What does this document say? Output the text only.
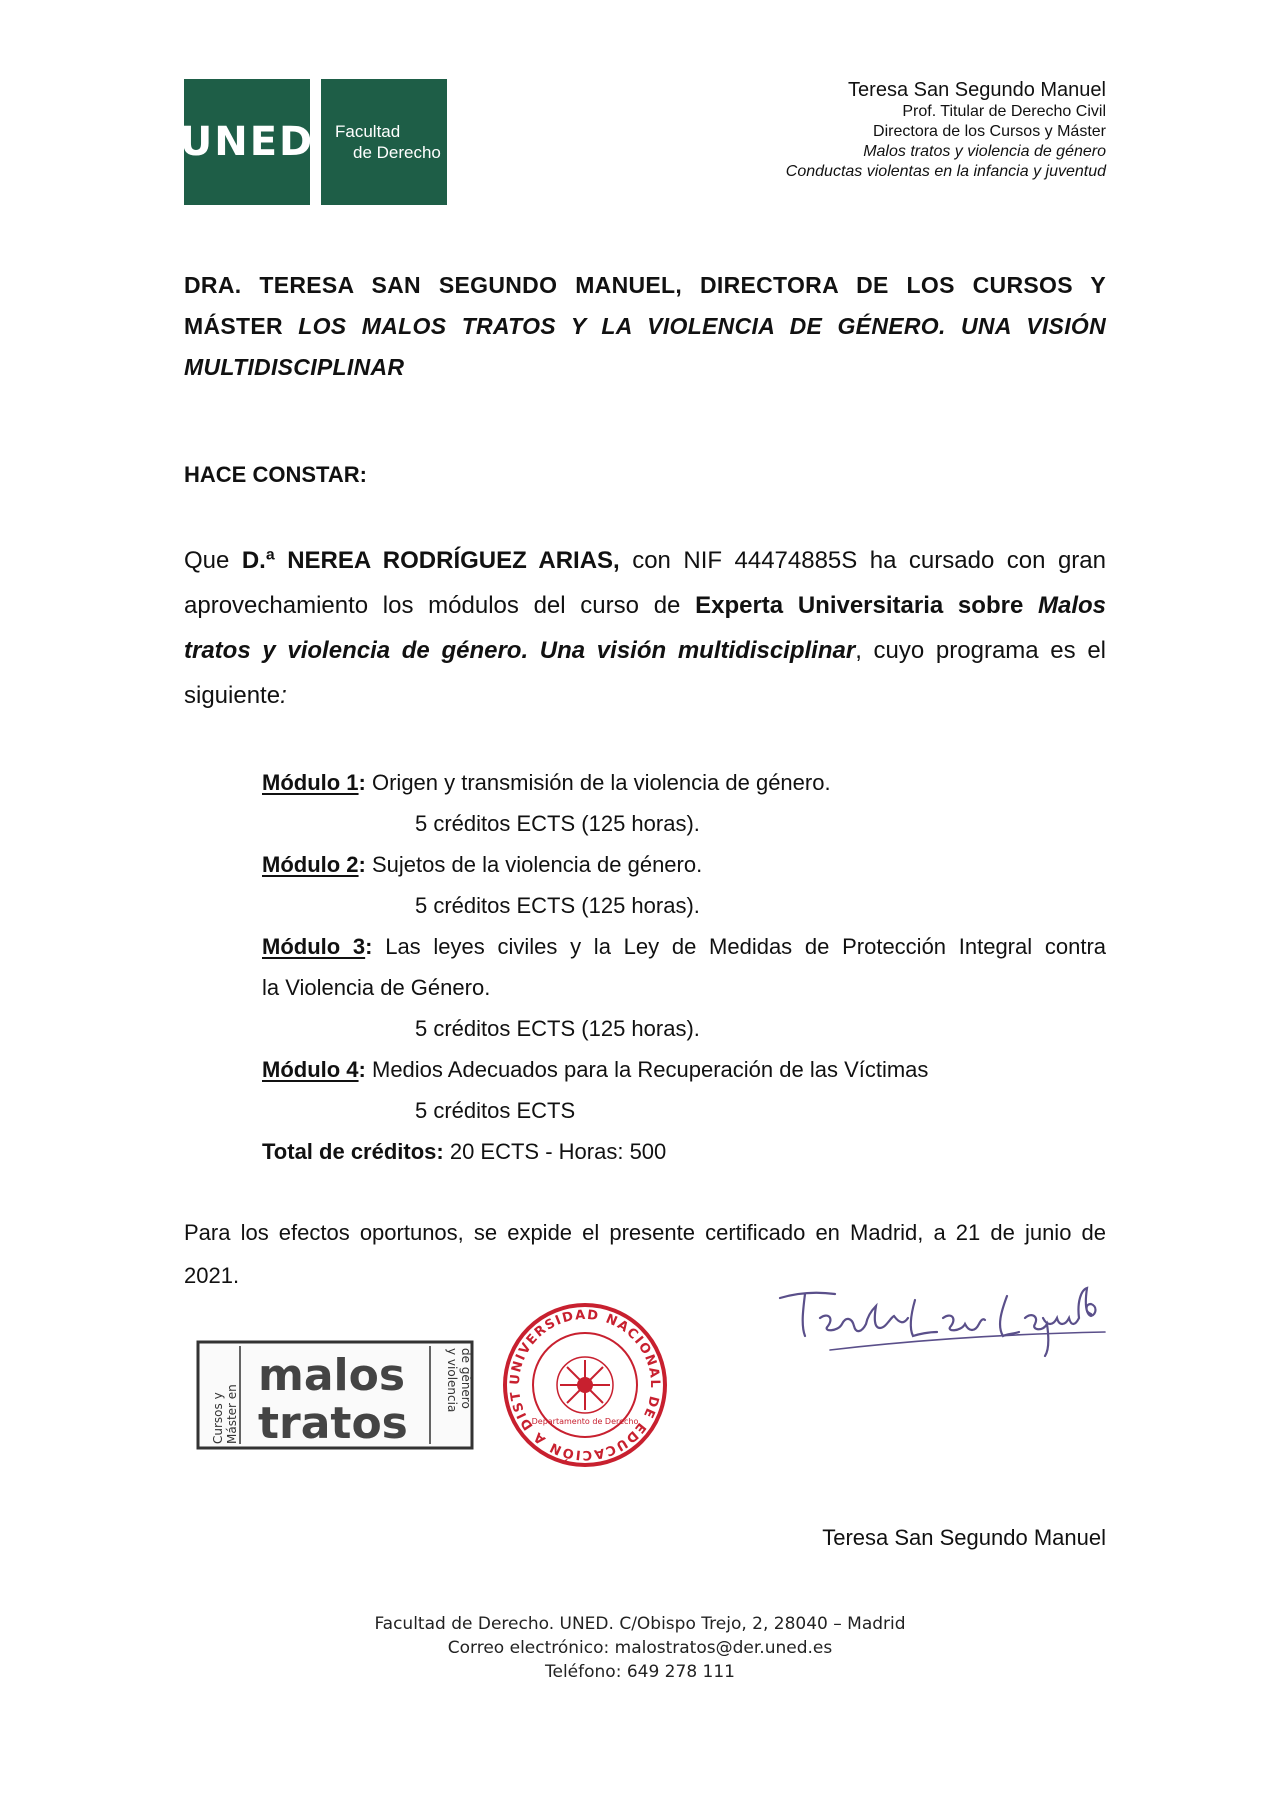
UNED Facultad
de Derecho
Teresa San Segundo Manuel
Prof. Titular de Derecho Civil
Directora de los Cursos y Máster
Malos tratos y violencia de género
Conductas violentas en la infancia y juventud
DRA. TERESA SAN SEGUNDO MANUEL, DIRECTORA DE LOS CURSOS Y MÁSTER LOS MALOS TRATOS Y LA VIOLENCIA DE GÉNERO. UNA VISIÓN MULTIDISCIPLINAR
HACE CONSTAR:
Que D.ª NEREA RODRÍGUEZ ARIAS, con NIF 44474885S ha cursado con gran aprovechamiento los módulos del curso de Experta Universitaria sobre Malos tratos y violencia de género. Una visión multidisciplinar, cuyo programa es el siguiente:
Módulo 1: Origen y transmisión de la violencia de género.
5 créditos ECTS (125 horas).
Módulo 2: Sujetos de la violencia de género.
5 créditos ECTS (125 horas).
Módulo 3: Las leyes civiles y la Ley de Medidas de Protección Integral contra
la Violencia de Género.
5 créditos ECTS (125 horas).
Módulo 4: Medios Adecuados para la Recuperación de las Víctimas
5 créditos ECTS
Total de créditos: 20 ECTS - Horas: 500
Para los efectos oportunos, se expide el presente certificado en Madrid, a 21 de junio de 2021.
Cursos y Máster en
malos
tratos
y violencia de género	UNIVERSIDAD NACIONAL DE EDUCACIÓN A DIST
Departamento de Derecho
Teresa San Segundo Manuel
Facultad de Derecho. UNED. C/Obispo Trejo, 2, 28040 – Madrid
Correo electrónico: malostratos@der.uned.es
Teléfono: 649 278 111
